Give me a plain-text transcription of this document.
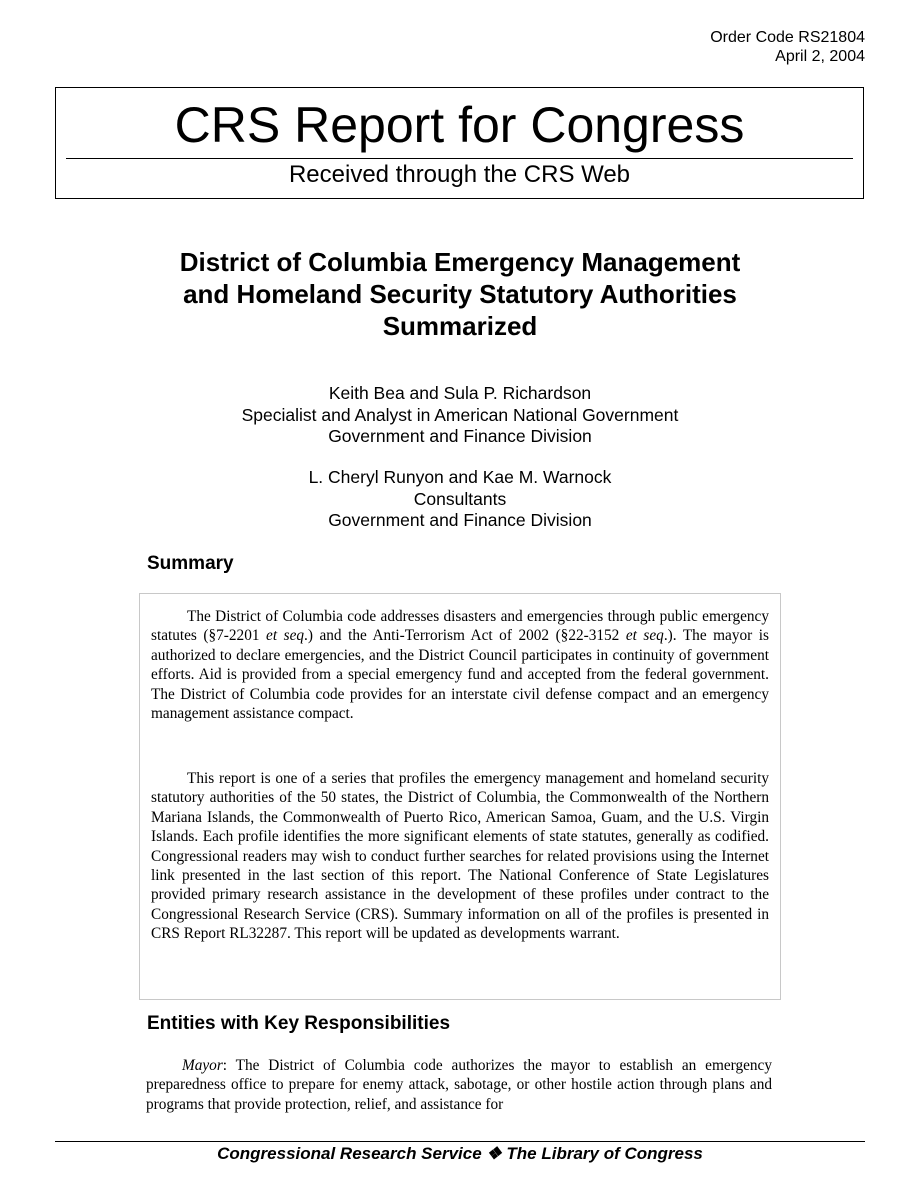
Order Code RS21804
April 2, 2004
CRS Report for Congress
Received through the CRS Web
District of Columbia Emergency Management
and Homeland Security Statutory Authorities
Summarized
Keith Bea and Sula P. Richardson
Specialist and Analyst in American National Government
Government and Finance Division
L. Cheryl Runyon and Kae M. Warnock
Consultants
Government and Finance Division
Summary

The District of Columbia code addresses disasters and emergencies through public emergency statutes (§7-2201 et seq.) and the Anti-Terrorism Act of 2002 (§22-3152 et seq.). The mayor is authorized to declare emergencies, and the District Council participates in continuity of government efforts. Aid is provided from a special emergency fund and accepted from the federal government. The District of Columbia code provides for an interstate civil defense compact and an emergency management assistance compact.

This report is one of a series that profiles the emergency management and homeland security statutory authorities of the 50 states, the District of Columbia, the Commonwealth of the Northern Mariana Islands, the Commonwealth of Puerto Rico, American Samoa, Guam, and the U.S. Virgin Islands. Each profile identifies the more significant elements of state statutes, generally as codified. Congressional readers may wish to conduct further searches for related provisions using the Internet link presented in the last section of this report. The National Conference of State Legislatures provided primary research assistance in the development of these profiles under contract to the Congressional Research Service (CRS). Summary information on all of the profiles is presented in CRS Report RL32287. This report will be updated as developments warrant.

Entities with Key Responsibilities

Mayor: The District of Columbia code authorizes the mayor to establish an emergency preparedness office to prepare for enemy attack, sabotage, or other hostile action through plans and programs that provide protection, relief, and assistance for

Congressional Research Service ❖ The Library of Congress
